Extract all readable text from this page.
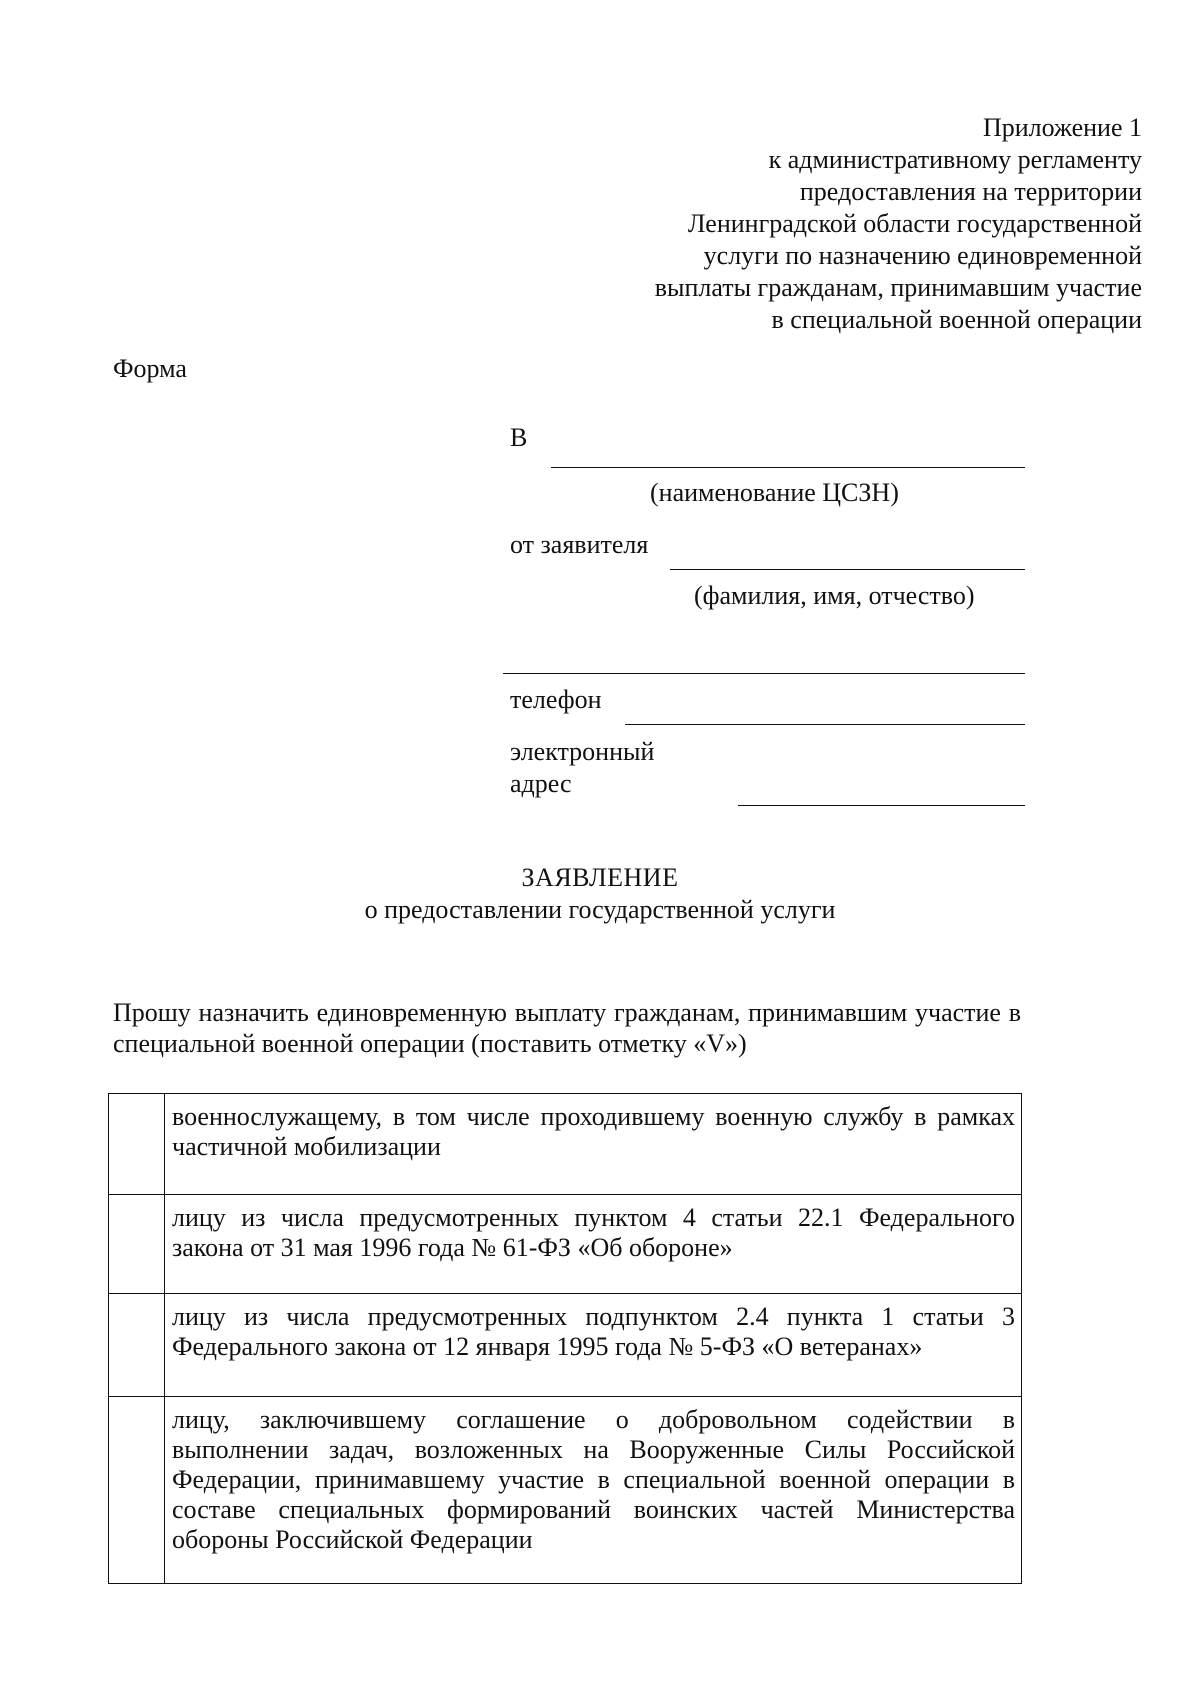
Приложение 1
к административному регламенту
предоставления на территории
Ленинградской области государственной
услуги по назначению единовременной
выплаты гражданам, принимавшим участие
в специальной военной операции
Форма
В
(наименование ЦСЗН)
от заявителя
(фамилия, имя, отчество)
телефон
электронный
адрес
ЗАЯВЛЕНИЕ
о предоставлении государственной услуги
Прошу назначить единовременную выплату гражданам, принимавшим участие в специальной военной операции (поставить отметку «V»)
	военнослужащему, в том числе проходившему военную службу в рамках частичной мобилизации

	лицу из числа предусмотренных пунктом 4 статьи 22.1 Федерального закона от 31 мая 1996 года № 61-ФЗ «Об обороне»

	лицу из числа предусмотренных подпунктом 2.4 пункта 1 статьи 3 Федерального закона от 12 января 1995 года № 5-ФЗ «О ветеранах»

	лицу, заключившему соглашение о добровольном содействии в выполнении задач, возложенных на Вооруженные Силы Российской Федерации, принимавшему участие в специальной военной операции в составе специальных формирований воинских частей Министерства обороны Российской Федерации
